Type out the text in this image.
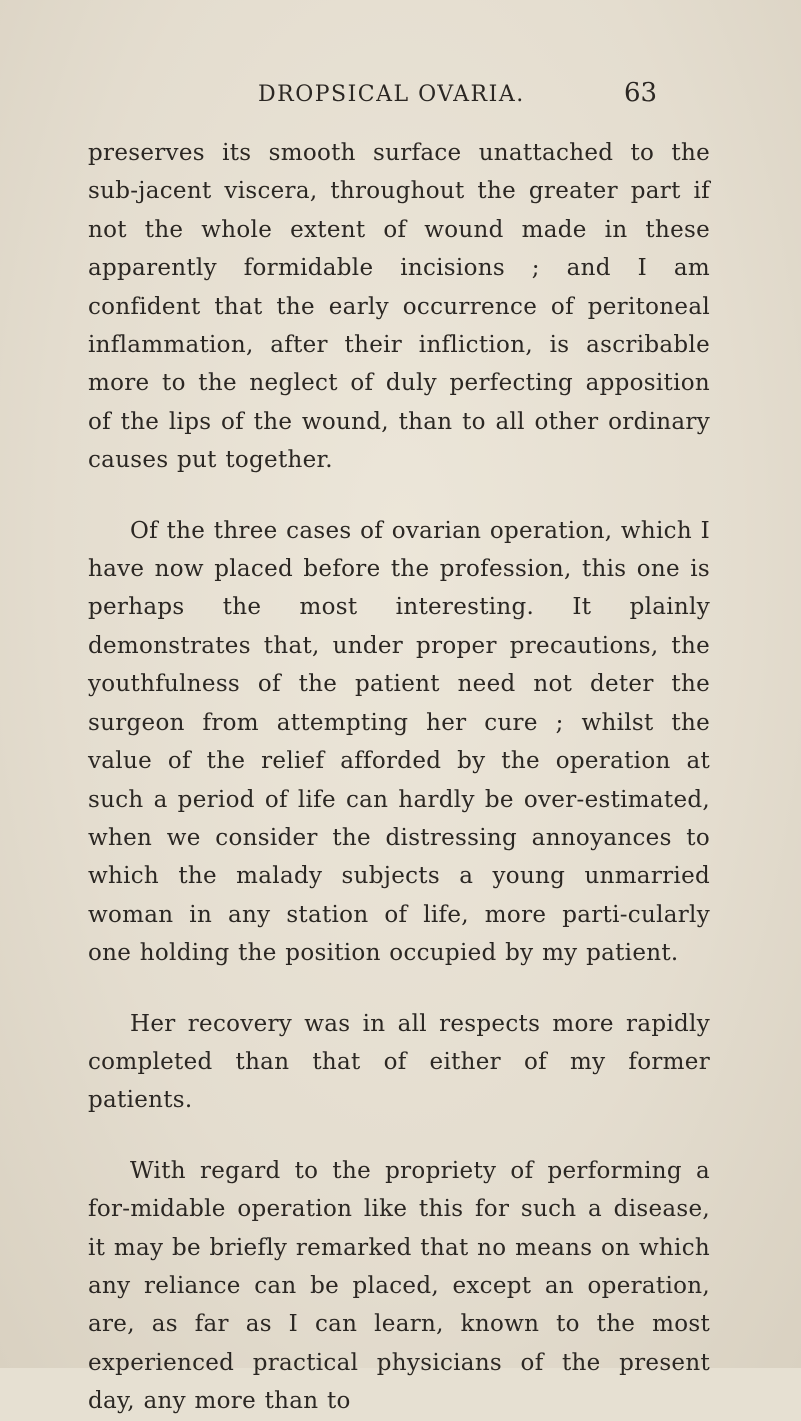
DROPSICAL OVARIA.	63

preserves its smooth surface unattached to the sub-jacent viscera, throughout the greater part if not the whole extent of wound made in these apparently formidable incisions ; and I am confident that the early occurrence of peritoneal inflammation, after their infliction, is ascribable more to the neglect of duly perfecting apposition of the lips of the wound, than to all other ordinary causes put together.

Of the three cases of ovarian operation, which I have now placed before the profession, this one is perhaps the most interesting. It plainly demonstrates that, under proper precautions, the youthfulness of the patient need not deter the surgeon from attempting her cure ; whilst the value of the relief afforded by the operation at such a period of life can hardly be over-estimated, when we consider the distressing annoyances to which the malady subjects a young unmarried woman in any station of life, more parti-cularly one holding the position occupied by my patient.

Her recovery was in all respects more rapidly completed than that of either of my former patients.

With regard to the propriety of performing a for-midable operation like this for such a disease, it may be briefly remarked that no means on which any reliance can be placed, except an operation, are, as far as I can learn, known to the most experienced practical physicians of the present day, any more than to
